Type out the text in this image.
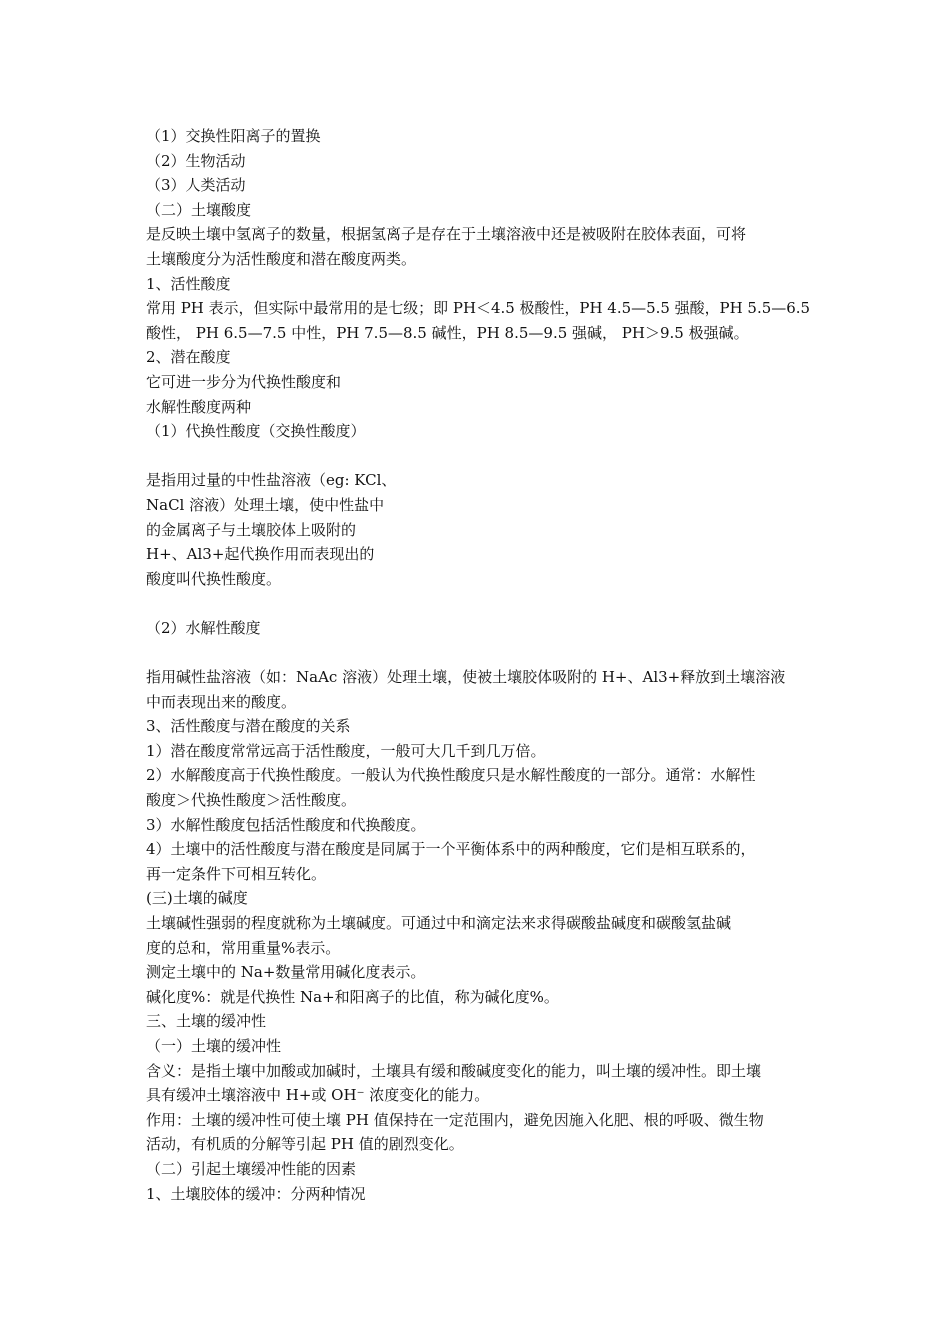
（1）交换性阳离子的置换
（2）生物活动
（3）人类活动
（二）土壤酸度
是反映土壤中氢离子的数量，根据氢离子是存在于土壤溶液中还是被吸附在胶体表面，可将
土壤酸度分为活性酸度和潜在酸度两类。
1、活性酸度
常用 PH 表示，但实际中最常用的是七级；即 PH＜4.5 极酸性，PH 4.5—5.5 强酸，PH 5.5—6.5
酸性， PH 6.5—7.5 中性，PH 7.5—8.5 碱性，PH 8.5—9.5 强碱， PH＞9.5 极强碱。
2、潜在酸度
它可进一步分为代换性酸度和
水解性酸度两种
（1）代换性酸度（交换性酸度）
是指用过量的中性盐溶液（eg: KCl、
NaCl 溶液）处理土壤，使中性盐中
的金属离子与土壤胶体上吸附的
H+、Al3+起代换作用而表现出的
酸度叫代换性酸度。
（2）水解性酸度
指用碱性盐溶液（如：NaAc 溶液）处理土壤，使被土壤胶体吸附的 H+、Al3+释放到土壤溶液
中而表现出来的酸度。
3、活性酸度与潜在酸度的关系
1）潜在酸度常常远高于活性酸度，一般可大几千到几万倍。
2）水解酸度高于代换性酸度。一般认为代换性酸度只是水解性酸度的一部分。通常：水解性
酸度＞代换性酸度＞活性酸度。
3）水解性酸度包括活性酸度和代换酸度。
4）土壤中的活性酸度与潜在酸度是同属于一个平衡体系中的两种酸度，它们是相互联系的，
再一定条件下可相互转化。
(三)土壤的碱度
土壤碱性强弱的程度就称为土壤碱度。可通过中和滴定法来求得碳酸盐碱度和碳酸氢盐碱
度的总和，常用重量%表示。
测定土壤中的 Na+数量常用碱化度表示。
碱化度%：就是代换性 Na+和阳离子的比值，称为碱化度%。
三、土壤的缓冲性
（一）土壤的缓冲性
含义：是指土壤中加酸或加碱时，土壤具有缓和酸碱度变化的能力，叫土壤的缓冲性。即土壤
具有缓冲土壤溶液中 H+或 OH⁻ 浓度变化的能力。
作用：土壤的缓冲性可使土壤 PH 值保持在一定范围内，避免因施入化肥、根的呼吸、微生物
活动，有机质的分解等引起 PH 值的剧烈变化。
（二）引起土壤缓冲性能的因素
1、土壤胶体的缓冲：分两种情况
